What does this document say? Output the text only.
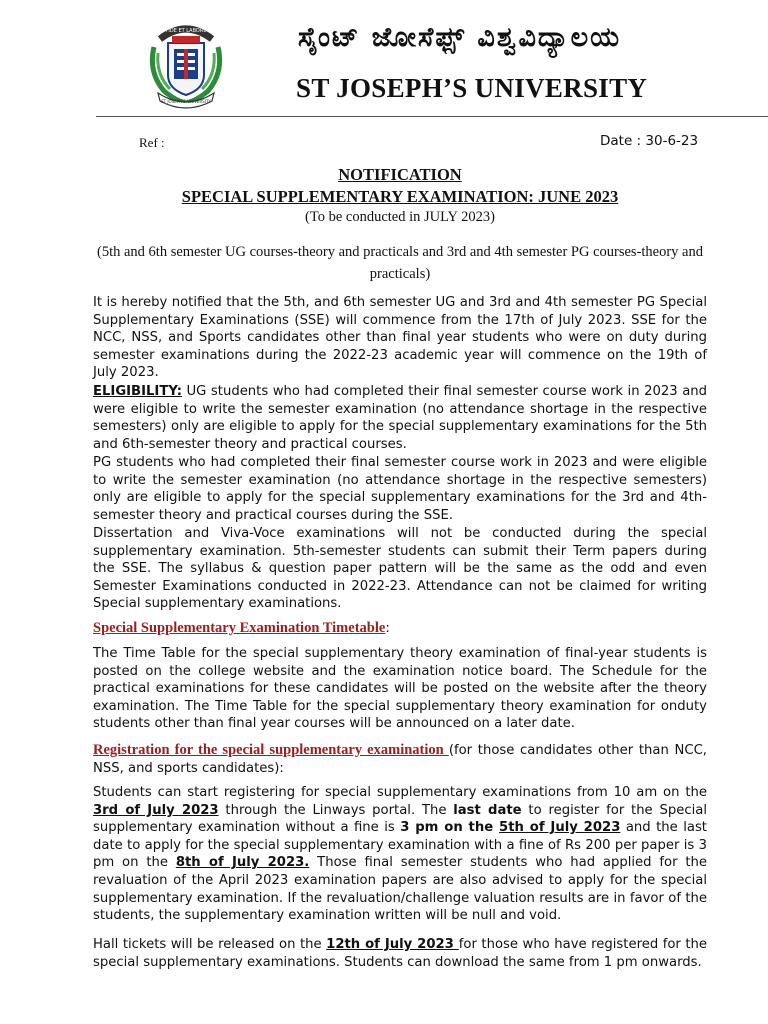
FIDE ET LABORE
ST JOSEPH'S UNIVERSITY
ಸೈಂಟ್ ಜೋಸೆಫ್ಸ್ ವಿಶ್ವವಿದ್ಯಾಲಯ
ST JOSEPH’S UNIVERSITY
Ref :	Date : 30-6-23
NOTIFICATION
SPECIAL SUPPLEMENTARY EXAMINATION: JUNE 2023
(To be conducted in JULY 2023)
(5th and 6th semester UG courses-theory and practicals and 3rd and 4th semester PG courses-theory and practicals)

It is hereby notified that the 5th, and 6th semester UG and 3rd and 4th semester PG Special Supplementary Examinations (SSE) will commence from the 17th of July 2023. SSE for the NCC, NSS, and Sports candidates other than final year students who were on duty during semester examinations during the 2022-23 academic year will commence on the 19th of July 2023.

ELIGIBILITY: UG students who had completed their final semester course work in 2023 and were eligible to write the semester examination (no attendance shortage in the respective semesters) only are eligible to apply for the special supplementary examinations for the 5th and 6th-semester theory and practical courses.

PG students who had completed their final semester course work in 2023 and were eligible to write the semester examination (no attendance shortage in the respective semesters) only are eligible to apply for the special supplementary examinations for the 3rd and 4th-semester theory and practical courses during the SSE.

Dissertation and Viva-Voce examinations will not be conducted during the special supplementary examination. 5th-semester students can submit their Term papers during the SSE. The syllabus & question paper pattern will be the same as the odd and even Semester Examinations conducted in 2022-23. Attendance can not be claimed for writing Special supplementary examinations.

Special Supplementary Examination Timetable:

The Time Table for the special supplementary theory examination of final-year students is posted on the college website and the examination notice board. The Schedule for the practical examinations for these candidates will be posted on the website after the theory examination. The Time Table for the special supplementary theory examination for onduty students other than final year courses will be announced on a later date.

Registration for the special supplementary examination (for those candidates other than NCC, NSS, and sports candidates):

Students can start registering for special supplementary examinations from 10 am on the 3rd of July 2023 through the Linways portal. The last date to register for the Special supplementary examination without a fine is 3 pm on the 5th of July 2023 and the last date to apply for the special supplementary examination with a fine of Rs 200 per paper is 3 pm on the 8th of July 2023. Those final semester students who had applied for the revaluation of the April 2023 examination papers are also advised to apply for the special supplementary examination. If the revaluation/challenge valuation results are in favor of the students, the supplementary examination written will be null and void.

Hall tickets will be released on the 12th of July 2023 for those who have registered for the special supplementary examinations. Students can download the same from 1 pm onwards.
